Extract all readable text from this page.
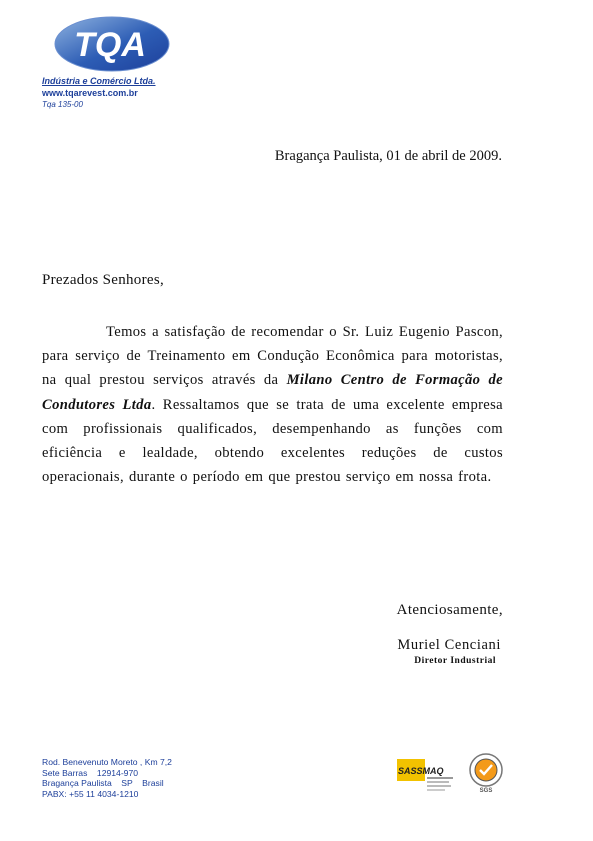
TQA
Indústria e Comércio Ltda.
www.tqarevest.com.br
Tqa 135-00
Bragança Paulista, 01 de abril de 2009.
Prezados Senhores,
Temos a satisfação de recomendar o Sr. Luiz Eugenio Pascon, para serviço de Treinamento em Condução Econômica para motoristas, na qual prestou serviços através da Milano Centro de Formação de Condutores Ltda. Ressaltamos que se trata de uma excelente empresa com profissionais qualificados, desempenhando as funções com eficiência e lealdade, obtendo excelentes reduções de custos operacionais, durante o período em que prestou serviço em nossa frota.
Atenciosamente,
Muriel Cenciani
Diretor Industrial
Rod. Benevenuto Moreto , Km 7,2
Sete Barras    12914-970
Bragança Paulista    SP    Brasil
PABX: +55 11 4034-1210
SASSMAQ
SGS
